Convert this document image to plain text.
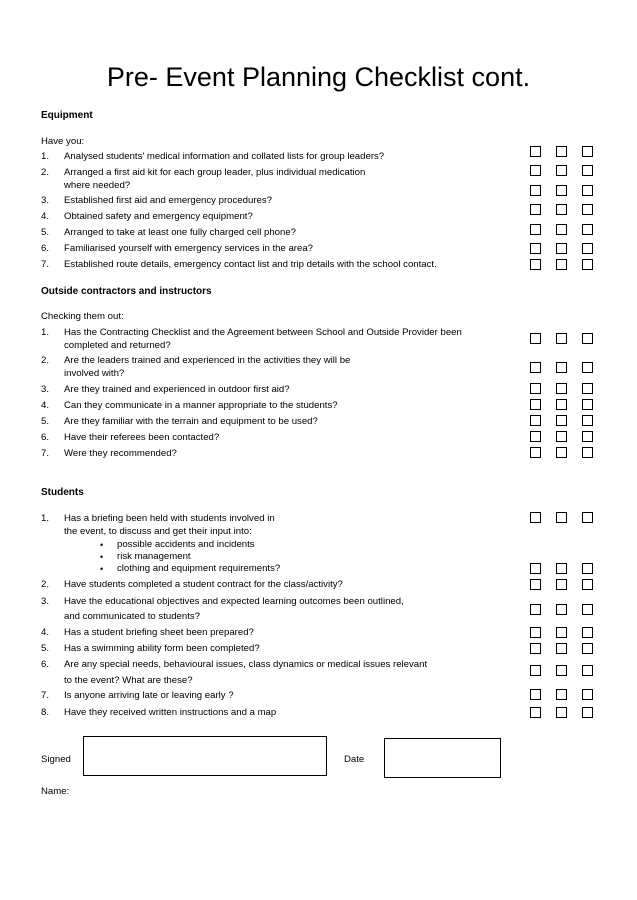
Pre- Event Planning Checklist cont.
Equipment
Have you:
1. Analysed students’ medical information and collated lists for group leaders?
2. Arranged a first aid kit for each group leader, plus individual medication
where needed?
3. Established first aid and emergency procedures?
4. Obtained safety and emergency equipment?
5. Arranged to take at least one fully charged cell phone?
6. Familiarised yourself with emergency services in the area?
7. Established route details, emergency contact list and trip details with the school contact.
Outside contractors and instructors
Checking them out:
1. Has the Contracting Checklist and the Agreement between School and Outside Provider been
completed and returned?
2. Are the leaders trained and experienced in the activities they will be
involved with?
3. Are they trained and experienced in outdoor first aid?
4. Can they communicate in a manner appropriate to the students?
5. Are they familiar with the terrain and equipment to be used?
6. Have their referees been contacted?
7. Were they recommended?
Students
1. Has a briefing been held with students involved in
the event, to discuss and get their input into:
• possible accidents and incidents
• risk management
• clothing and equipment requirements?
2. Have students completed a student contract for the class/activity?
3. Have the educational objectives and expected learning outcomes been outlined,
and communicated to students?
4. Has a student briefing sheet been prepared?
5. Has a swimming ability form been completed?
6. Are any special needs, behavioural issues, class dynamics or medical issues relevant
to the event? What are these?
7. Is anyone arriving late or leaving early ?
8. Have they received written instructions and a map
Signed	Date
Name:
